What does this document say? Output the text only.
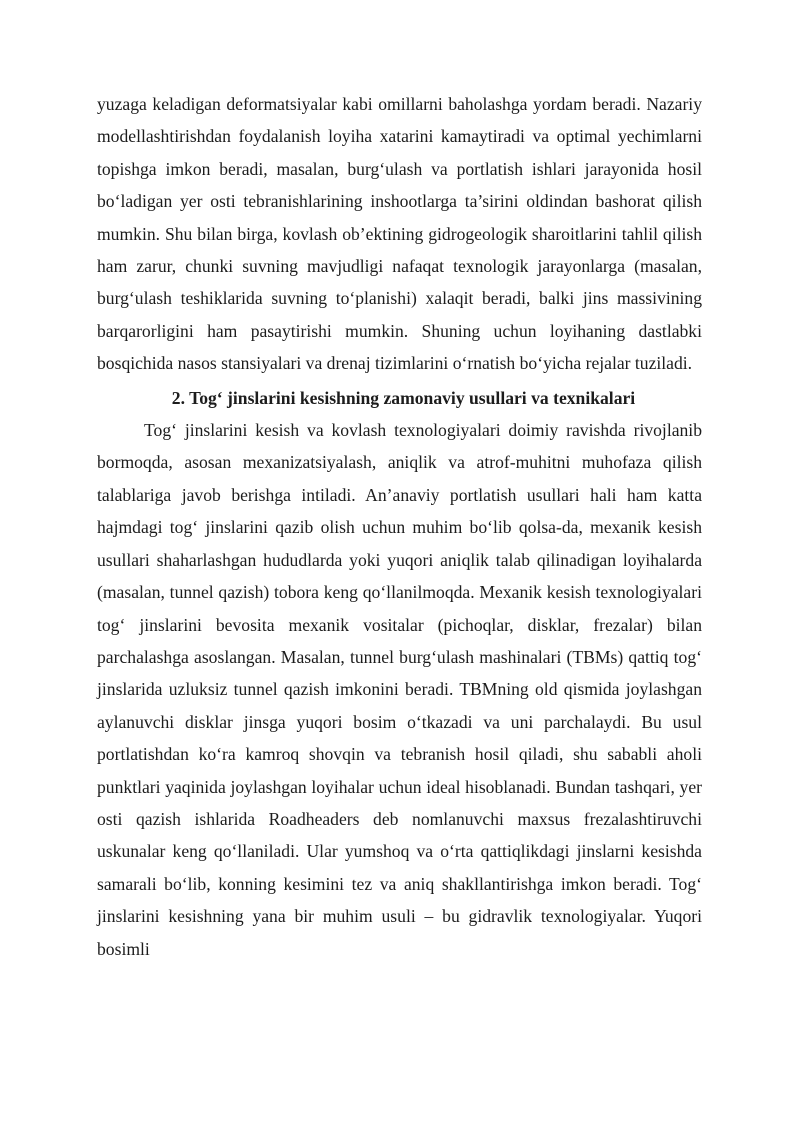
yuzaga keladigan deformatsiyalar kabi omillarni baholashga yordam beradi. Nazariy modellashtirishdan foydalanish loyiha xatarini kamaytiradi va optimal yechimlarni topishga imkon beradi, masalan, burg‘ulash va portlatish ishlari jarayonida hosil bo‘ladigan yer osti tebranishlarining inshootlarga ta’sirini oldindan bashorat qilish mumkin. Shu bilan birga, kovlash ob’ektining gidrogeologik sharoitlarini tahlil qilish ham zarur, chunki suvning mavjudligi nafaqat texnologik jarayonlarga (masalan, burg‘ulash teshiklarida suvning to‘planishi) xalaqit beradi, balki jins massivining barqarorligini ham pasaytirishi mumkin. Shuning uchun loyihaning dastlabki bosqichida nasos stansiyalari va drenaj tizimlarini o‘rnatish bo‘yicha rejalar tuziladi.

2. Tog‘ jinslarini kesishning zamonaviy usullari va texnikalari

Tog‘ jinslarini kesish va kovlash texnologiyalari doimiy ravishda rivojlanib bormoqda, asosan mexanizatsiyalash, aniqlik va atrof-muhitni muhofaza qilish talablariga javob berishga intiladi. An’anaviy portlatish usullari hali ham katta hajmdagi tog‘ jinslarini qazib olish uchun muhim bo‘lib qolsa-da, mexanik kesish usullari shaharlashgan hududlarda yoki yuqori aniqlik talab qilinadigan loyihalarda (masalan, tunnel qazish) tobora keng qo‘llanilmoqda. Mexanik kesish texnologiyalari tog‘ jinslarini bevosita mexanik vositalar (pichoqlar, disklar, frezalar) bilan parchalashga asoslangan. Masalan, tunnel burg‘ulash mashinalari (TBMs) qattiq tog‘ jinslarida uzluksiz tunnel qazish imkonini beradi. TBMning old qismida joylashgan aylanuvchi disklar jinsga yuqori bosim o‘tkazadi va uni parchalaydi. Bu usul portlatishdan ko‘ra kamroq shovqin va tebranish hosil qiladi, shu sababli aholi punktlari yaqinida joylashgan loyihalar uchun ideal hisoblanadi. Bundan tashqari, yer osti qazish ishlarida Roadheaders deb nomlanuvchi maxsus frezalashtiruvchi uskunalar keng qo‘llaniladi. Ular yumshoq va o‘rta qattiqlikdagi jinslarni kesishda samarali bo‘lib, konning kesimini tez va aniq shakllantirishga imkon beradi. Tog‘ jinslarini kesishning yana bir muhim usuli – bu gidravlik texnologiyalar. Yuqori bosimli
